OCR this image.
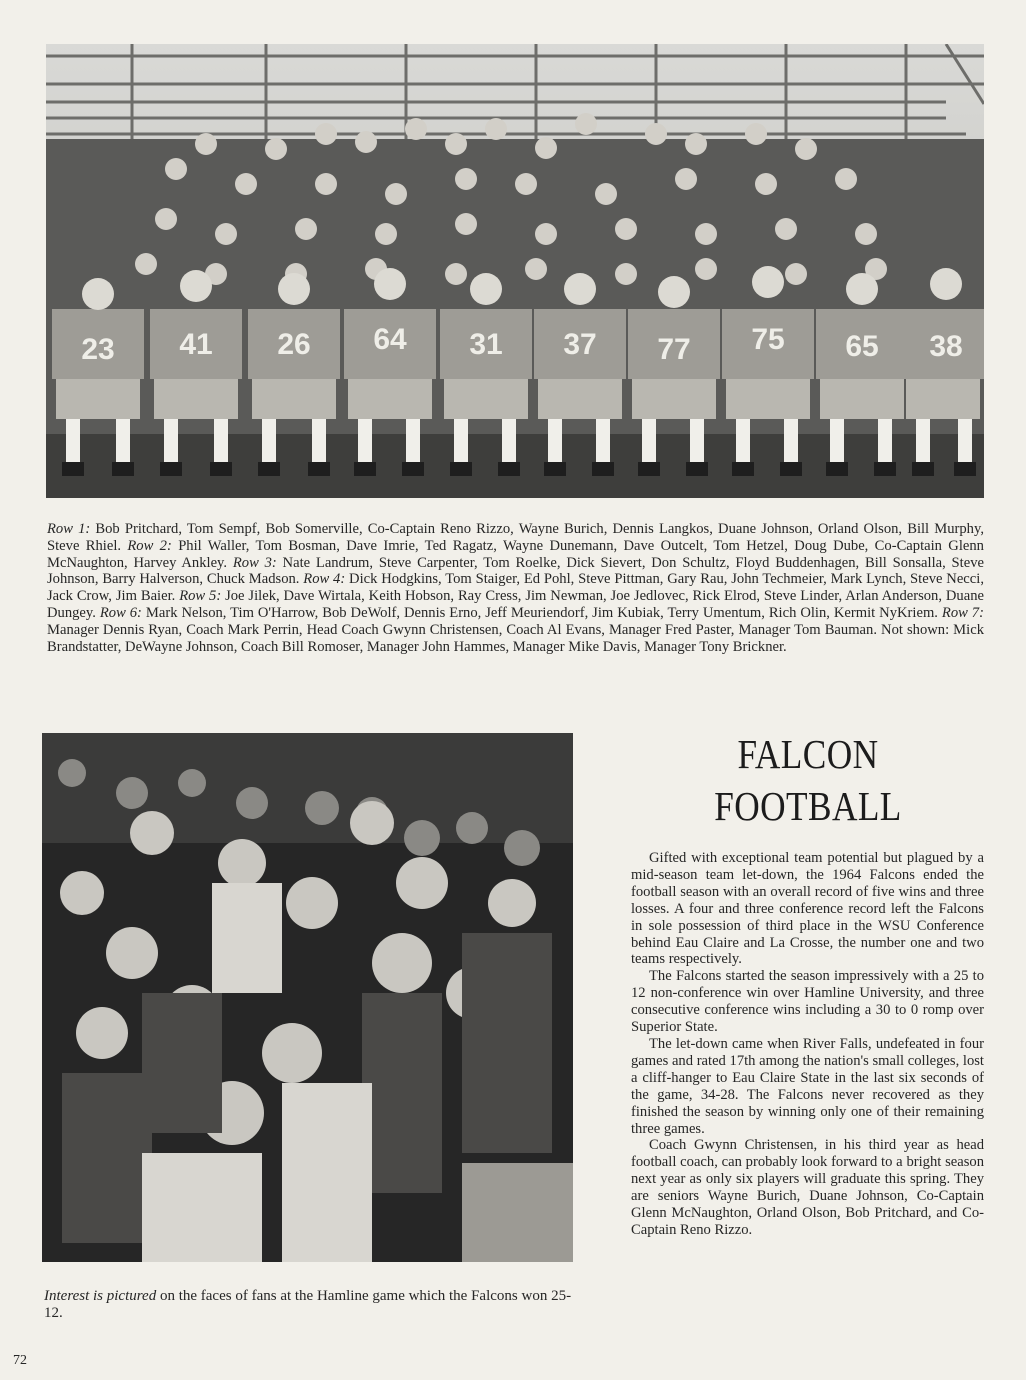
23 41 26 64 31 37 77 75 65 38
Row 1: Bob Pritchard, Tom Sempf, Bob Somerville, Co-Captain Reno Rizzo, Wayne Burich, Dennis Langkos, Duane Johnson, Orland Olson, Bill Murphy, Steve Rhiel. Row 2: Phil Waller, Tom Bosman, Dave Imrie, Ted Ragatz, Wayne Dunemann, Dave Outcelt, Tom Hetzel, Doug Dube, Co-Captain Glenn McNaughton, Harvey Ankley. Row 3: Nate Landrum, Steve Carpenter, Tom Roelke, Dick Sievert, Don Schultz, Floyd Buddenhagen, Bill Sonsalla, Steve Johnson, Barry Halverson, Chuck Madson. Row 4: Dick Hodgkins, Tom Staiger, Ed Pohl, Steve Pittman, Gary Rau, John Techmeier, Mark Lynch, Steve Necci, Jack Crow, Jim Baier. Row 5: Joe Jilek, Dave Wirtala, Keith Hobson, Ray Cress, Jim Newman, Joe Jedlovec, Rick Elrod, Steve Linder, Arlan Anderson, Duane Dungey. Row 6: Mark Nelson, Tim O'Harrow, Bob DeWolf, Dennis Erno, Jeff Meuriendorf, Jim Kubiak, Terry Umentum, Rich Olin, Kermit NyKriem. Row 7: Manager Dennis Ryan, Coach Mark Perrin, Head Coach Gwynn Christensen, Coach Al Evans, Manager Fred Paster, Manager Tom Bauman. Not shown: Mick Brandstatter, DeWayne Johnson, Coach Bill Romoser, Manager John Hammes, Manager Mike Davis, Manager Tony Brickner.
Interest is pictured on the faces of fans at the Hamline game which the Falcons won 25-12.
FALCON
FOOTBALL

Gifted with exceptional team potential but plagued by a mid-season team let-down, the 1964 Falcons ended the football season with an overall record of five wins and three losses. A four and three conference record left the Falcons in sole possession of third place in the WSU Conference behind Eau Claire and La Crosse, the number one and two teams respectively.

The Falcons started the season impressively with a 25 to 12 non-conference win over Hamline University, and three consecutive conference wins including a 30 to 0 romp over Superior State.

The let-down came when River Falls, undefeated in four games and rated 17th among the nation's small colleges, lost a cliff-hanger to Eau Claire State in the last six seconds of the game, 34-28. The Falcons never recovered as they finished the season by winning only one of their remaining three games.

Coach Gwynn Christensen, in his third year as head football coach, can probably look forward to a bright season next year as only six players will graduate this spring. They are seniors Wayne Burich, Duane Johnson, Co-Captain Glenn McNaughton, Orland Olson, Bob Pritchard, and Co-Captain Reno Rizzo.

72
